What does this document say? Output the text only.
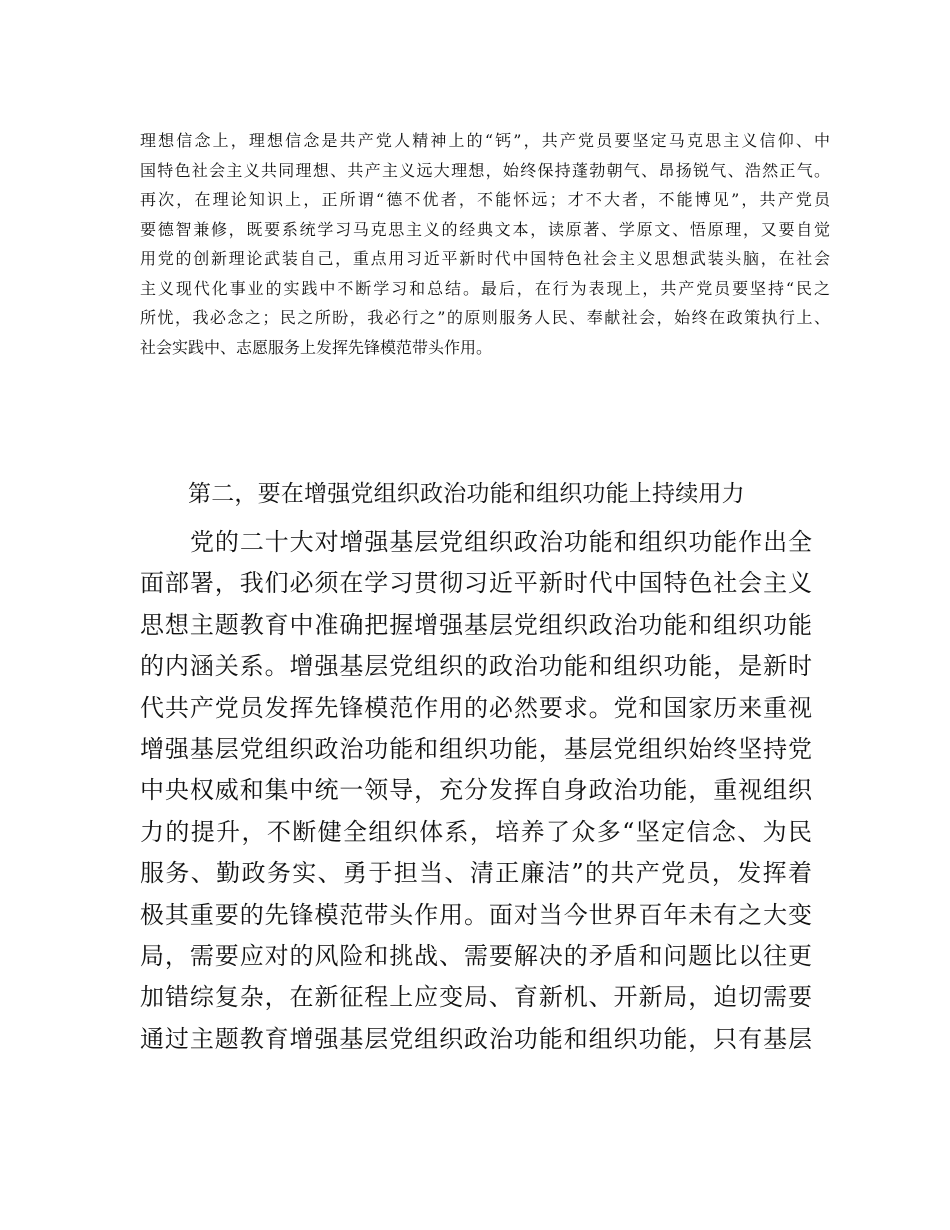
理想信念上，理想信念是共产党人精神上的“钙”，共产党员要坚定马克思主义信仰、中
国特色社会主义共同理想、共产主义远大理想，始终保持蓬勃朝气、昂扬锐气、浩然正气。
再次，在理论知识上，正所谓“德不优者，不能怀远；才不大者，不能博见”，共产党员
要德智兼修，既要系统学习马克思主义的经典文本，读原著、学原文、悟原理，又要自觉
用党的创新理论武装自己，重点用习近平新时代中国特色社会主义思想武装头脑，在社会
主义现代化事业的实践中不断学习和总结。最后，在行为表现上，共产党员要坚持“民之
所忧，我必念之；民之所盼，我必行之”的原则服务人民、奉献社会，始终在政策执行上、
社会实践中、志愿服务上发挥先锋模范带头作用。
第二，要在增强党组织政治功能和组织功能上持续用力
党的二十大对增强基层党组织政治功能和组织功能作出全
面部署，我们必须在学习贯彻习近平新时代中国特色社会主义
思想主题教育中准确把握增强基层党组织政治功能和组织功能
的内涵关系。增强基层党组织的政治功能和组织功能，是新时
代共产党员发挥先锋模范作用的必然要求。党和国家历来重视
增强基层党组织政治功能和组织功能，基层党组织始终坚持党
中央权威和集中统一领导，充分发挥自身政治功能，重视组织
力的提升，不断健全组织体系，培养了众多“坚定信念、为民
服务、勤政务实、勇于担当、清正廉洁”的共产党员，发挥着
极其重要的先锋模范带头作用。面对当今世界百年未有之大变
局，需要应对的风险和挑战、需要解决的矛盾和问题比以往更
加错综复杂，在新征程上应变局、育新机、开新局，迫切需要
通过主题教育增强基层党组织政治功能和组织功能，只有基层
